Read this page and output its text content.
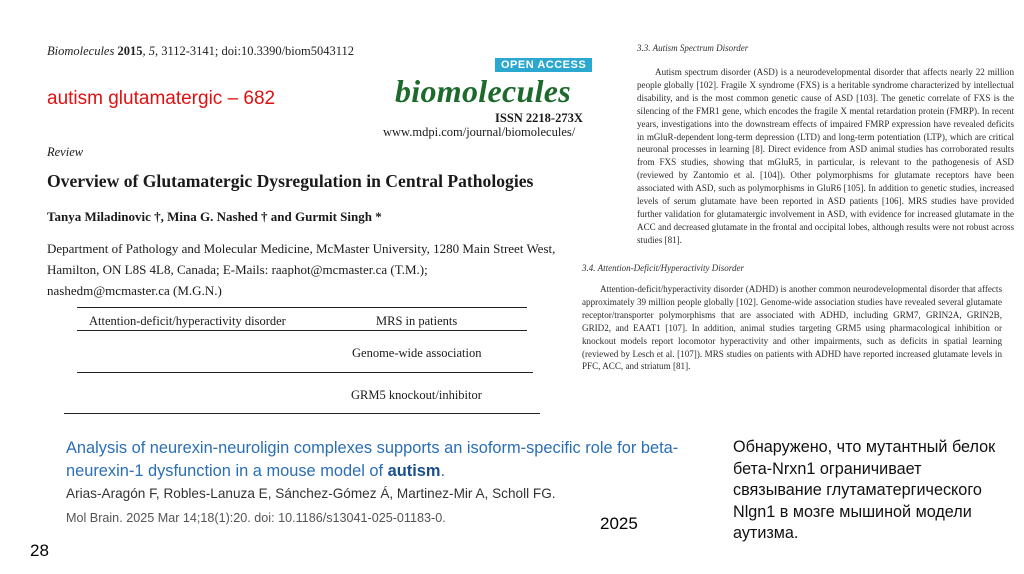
Biomolecules 2015, 5, 3112-3141; doi:10.3390/biom5043112
autism glutamatergic – 682
OPEN ACCESS
biomolecules
ISSN 2218-273X
www.mdpi.com/journal/biomolecules/
Review
Overview of Glutamatergic Dysregulation in Central Pathologies
Tanya Miladinovic †, Mina G. Nashed † and Gurmit Singh *
Department of Pathology and Molecular Medicine, McMaster University, 1280 Main Street West,
Hamilton, ON L8S 4L8, Canada; E-Mails: raaphot@mcmaster.ca (T.M.);
nashedm@mcmaster.ca (M.G.N.)
Attention-deficit/hyperactivity disorder	MRS in patients
Genome-wide association
GRM5 knockout/inhibitor
3.3. Autism Spectrum Disorder
Autism spectrum disorder (ASD) is a neurodevelopmental disorder that affects nearly 22 million people globally [102]. Fragile X syndrome (FXS) is a heritable syndrome characterized by intellectual disability, and is the most common genetic cause of ASD [103]. The genetic correlate of FXS is the silencing of the FMR1 gene, which encodes the fragile X mental retardation protein (FMRP). In recent years, investigations into the downstream effects of impaired FMRP expression have revealed deficits in mGluR-dependent long-term depression (LTD) and long-term potentiation (LTP), which are critical neuronal processes in learning [8]. Direct evidence from ASD animal studies has corroborated results from FXS studies, showing that mGluR5, in particular, is relevant to the pathogenesis of ASD (reviewed by Zantomio et al. [104]). Other polymorphisms for glutamate receptors have been associated with ASD, such as polymorphisms in GluR6 [105]. In addition to genetic studies, increased levels of serum glutamate have been reported in ASD patients [106]. MRS studies have provided further validation for glutamatergic involvement in ASD, with evidence for increased glutamate in the ACC and decreased glutamate in the frontal and occipital lobes, although results were not robust across studies [81].
3.4. Attention-Deficit/Hyperactivity Disorder
Attention-deficit/hyperactivity disorder (ADHD) is another common neurodevelopmental disorder that affects approximately 39 million people globally [102]. Genome-wide association studies have revealed several glutamate receptor/transporter polymorphisms that are associated with ADHD, including GRM7, GRIN2A, GRIN2B, GRID2, and EAAT1 [107]. In addition, animal studies targeting GRM5 using pharmacological inhibition or knockout models report locomotor hyperactivity and other impairments, such as deficits in spatial learning (reviewed by Lesch et al. [107]). MRS studies on patients with ADHD have reported increased glutamate levels in PFC, ACC, and striatum [81].
Analysis of neurexin-neuroligin complexes supports an isoform-specific role for beta-neurexin-1 dysfunction in a mouse model of autism.
Arias-Aragón F, Robles-Lanuza E, Sánchez-Gómez Á, Martinez-Mir A, Scholl FG.
Mol Brain. 2025 Mar 14;18(1):20. doi: 10.1186/s13041-025-01183-0.	2025
Обнаружено, что мутантный белок бета-Nrxn1 ограничивает связывание глутаматергического Nlgn1 в мозге мышиной модели аутизма.
28
